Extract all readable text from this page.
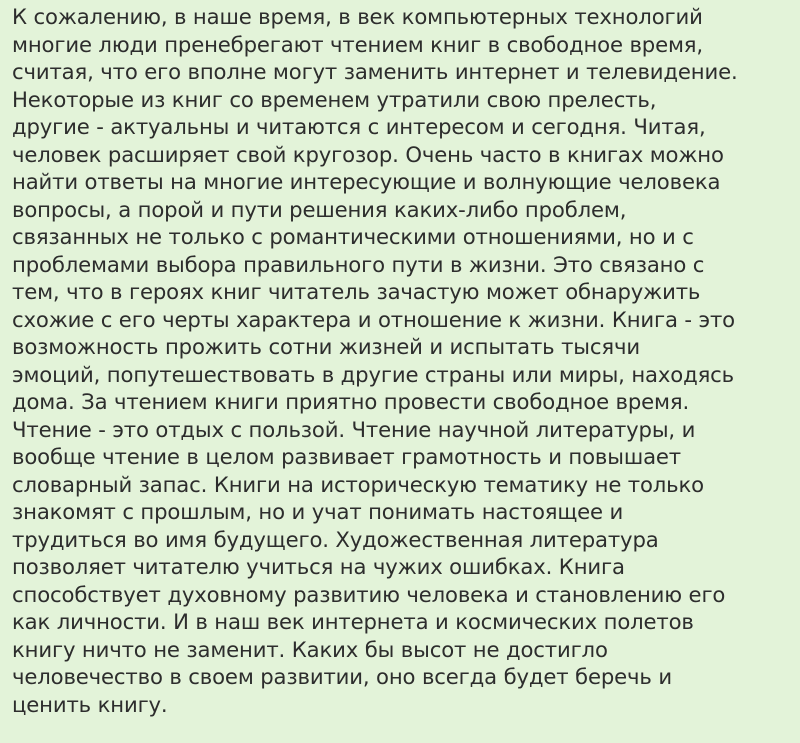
К сожалению, в наше время, в век компьютерных технологий
многие люди пренебрегают чтением книг в свободное время,
считая, что его вполне могут заменить интернет и телевидение.
Некоторые из книг со временем утратили свою прелесть,
другие - актуальны и читаются с интересом и сегодня. Читая,
человек расширяет свой кругозор. Очень часто в книгах можно
найти ответы на многие интересующие и волнующие человека
вопросы, а порой и пути решения каких-либо проблем,
связанных не только с романтическими отношениями, но и с
проблемами выбора правильного пути в жизни. Это связано с
тем, что в героях книг читатель зачастую может обнаружить
схожие с его черты характера и отношение к жизни. Книга - это
возможность прожить сотни жизней и испытать тысячи
эмоций, попутешествовать в другие страны или миры, находясь
дома. За чтением книги приятно провести свободное время.
Чтение - это отдых с пользой. Чтение научной литературы, и
вообще чтение в целом развивает грамотность и повышает
словарный запас. Книги на историческую тематику не только
знакомят с прошлым, но и учат понимать настоящее и
трудиться во имя будущего. Художественная литература
позволяет читателю учиться на чужих ошибках. Книга
способствует духовному развитию человека и становлению его
как личности. И в наш век интернета и космических полетов
книгу ничто не заменит. Каких бы высот не достигло
человечество в своем развитии, оно всегда будет беречь и
ценить книгу.
